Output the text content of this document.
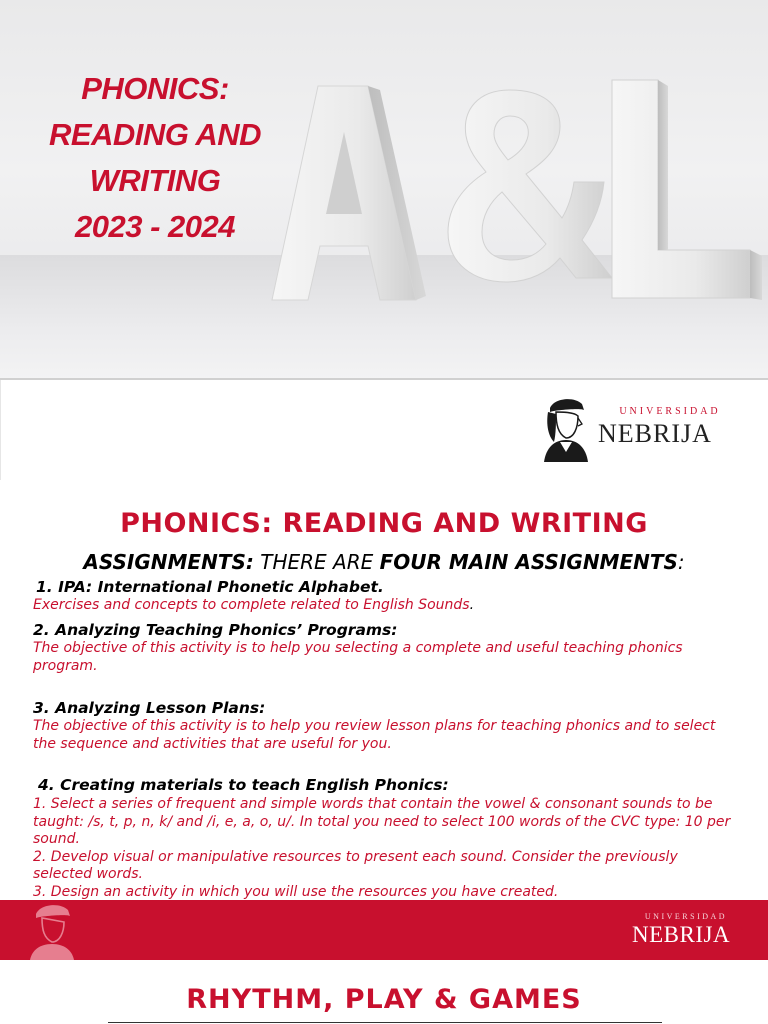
PHONICS:
READING AND
WRITING
2023 - 2024
UNIVERSIDAD
NEBRIJA
PHONICS: READING AND WRITING
ASSIGNMENTS: THERE ARE FOUR MAIN ASSIGNMENTS:
1. IPA: International Phonetic Alphabet.
Exercises and concepts to complete related to English Sounds.
2. Analyzing Teaching Phonics’ Programs:
The objective of this activity is to help you selecting a complete and useful teaching phonics program.
3. Analyzing Lesson Plans:
The objective of this activity is to help you review lesson plans for teaching phonics and to select the sequence and activities that are useful for you.
4. Creating materials to teach English Phonics:
1. Select a series of frequent and simple words that contain the vowel & consonant sounds to be taught: /s, t, p, n, k/ and /i, e, a, o, u/. In total you need to select 100 words of the CVC type: 10 per sound.
2. Develop visual or manipulative resources to present each sound. Consider the previously selected words.
3. Design an activity in which you will use the resources you have created.
UNIVERSIDAD
NEBRIJA
RHYTHM, PLAY & GAMES
